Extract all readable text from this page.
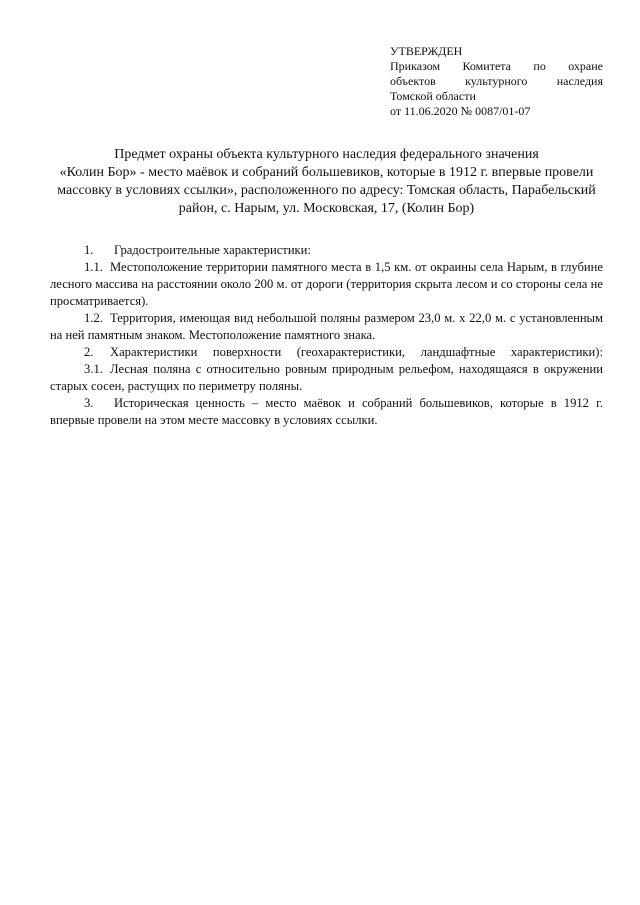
УТВЕРЖДЕН
Приказом Комитета по охране
объектов культурного наследия
Томской области
от 11.06.2020 № 0087/01-07
Предмет охраны объекта культурного наследия федерального значения
«Колин Бор» - место маёвок и собраний большевиков, которые в 1912 г. впервые провели
массовку в условиях ссылки», расположенного по адресу: Томская область, Парабельский
район, с. Нарым, ул. Московская, 17, (Колин Бор)

1. Градостроительные характеристики:

1.1. Местоположение территории памятного места в 1,5 км. от окраины села Нарым, в глубине лесного массива на расстоянии около 200 м. от дороги (территория скрыта лесом и со стороны села не просматривается).

1.2. Территория, имеющая вид небольшой поляны размером 23,0 м. x 22,0 м. с установленным на ней памятным знаком. Местоположение памятного знака.

2. Характеристики поверхности (геохарактеристики, ландшафтные характеристики):

3.1. Лесная поляна с относительно ровным природным рельефом, находящаяся в окружении старых сосен, растущих по периметру поляны.

3. Историческая ценность – место маёвок и собраний большевиков, которые в 1912 г. впервые провели на этом месте массовку в условиях ссылки.
